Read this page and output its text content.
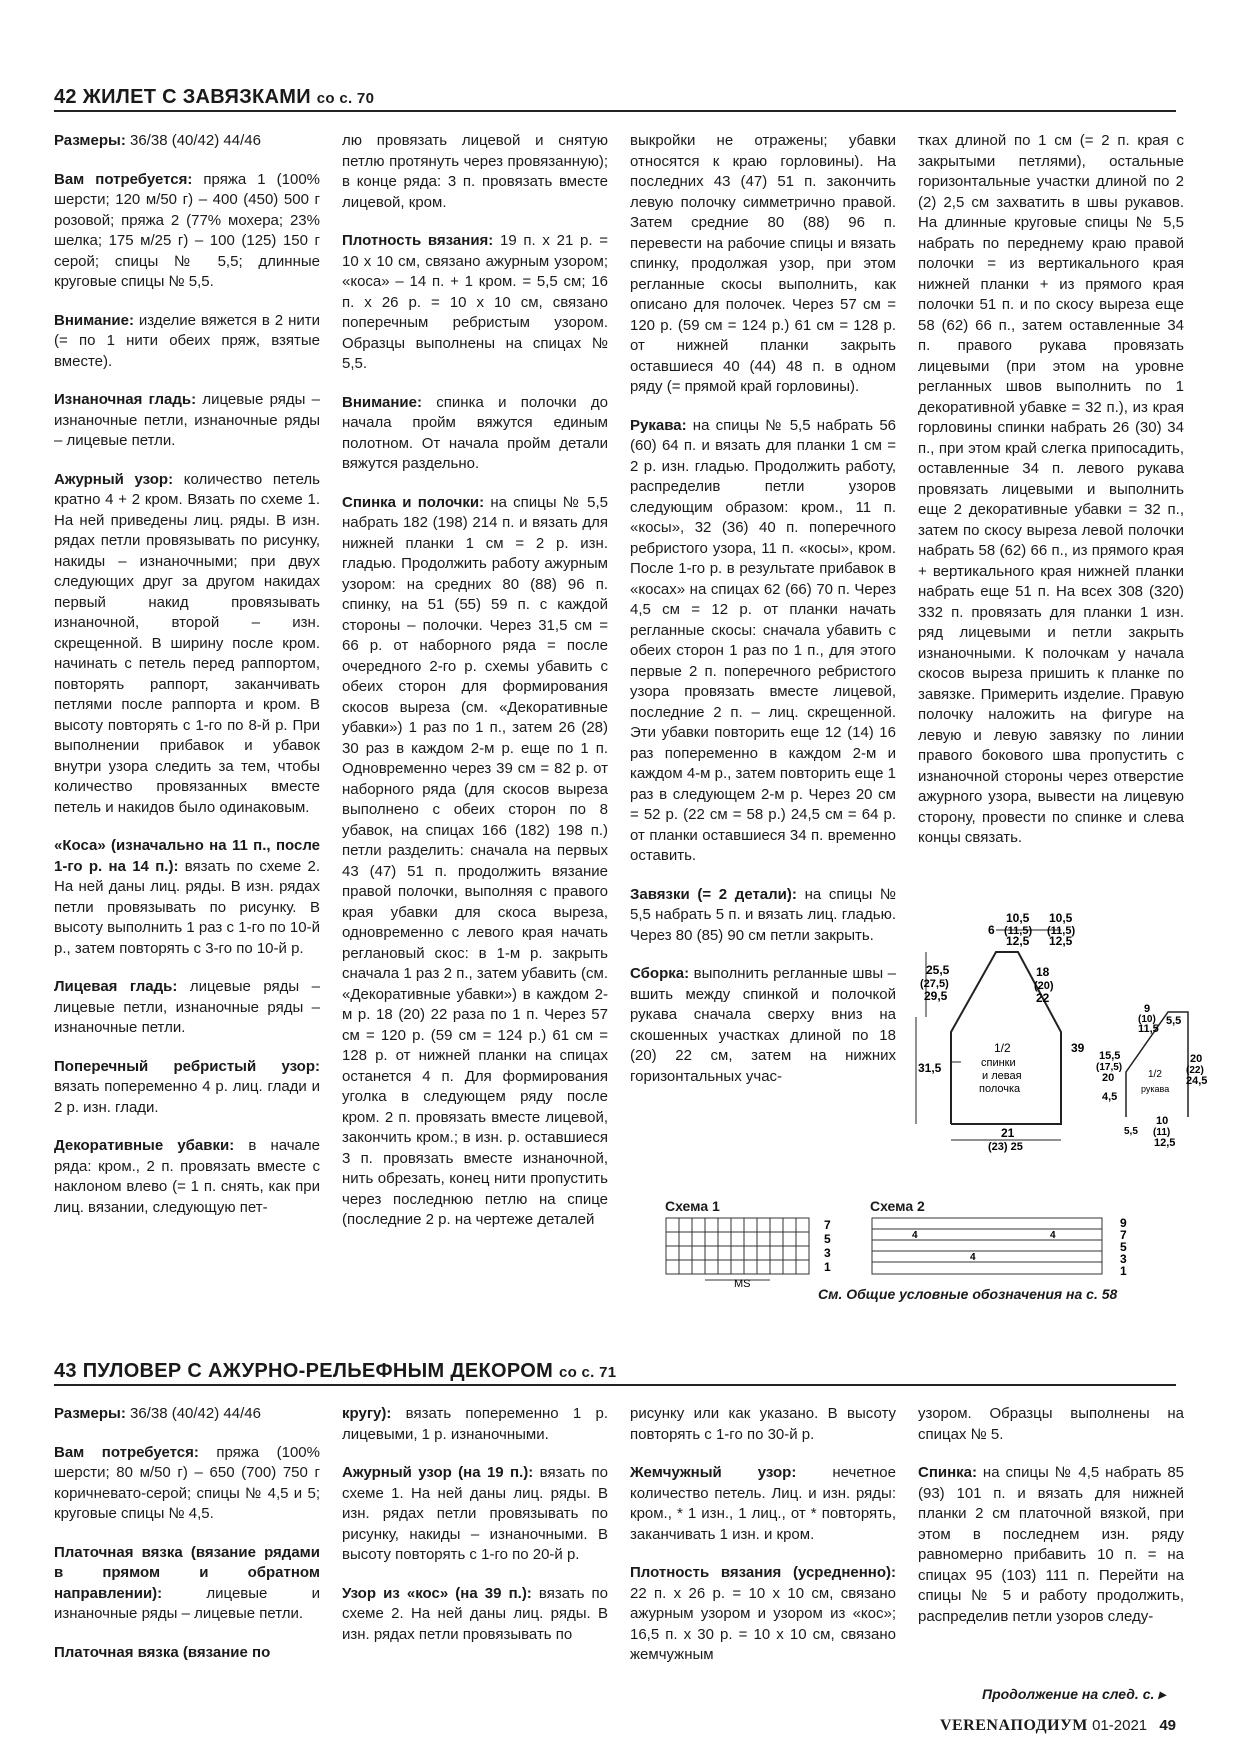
42 ЖИЛЕТ С ЗАВЯЗКАМИ со с. 70

Размеры: 36/38 (40/42) 44/46

Вам потребуется: пряжа 1 (100% шерсти; 120 м/50 г) – 400 (450) 500 г розовой; пряжа 2 (77% мохера; 23% шелка; 175 м/25 г) – 100 (125) 150 г серой; спицы № 5,5; длинные круговые спицы № 5,5.

Внимание: изделие вяжется в 2 нити (= по 1 нити обеих пряж, взятые вместе).

Изнаночная гладь: лицевые ряды – изнаночные петли, изнаночные ряды – лицевые петли.

Ажурный узор: количество петель кратно 4 + 2 кром. Вязать по схеме 1. На ней приведены лиц. ряды. В изн. рядах петли провязывать по рисунку, накиды – изнаночными; при двух следующих друг за другом накидах первый накид провязывать изнаночной, второй – изн. скрещенной. В ширину после кром. начинать с петель перед раппортом, повторять раппорт, заканчивать петлями после раппорта и кром. В высоту повторять с 1-го по 8-й р. При выполнении прибавок и убавок внутри узора следить за тем, чтобы количество провязанных вместе петель и накидов было одинаковым.

«Коса» (изначально на 11 п., после 1-го р. на 14 п.): вязать по схеме 2. На ней даны лиц. ряды. В изн. рядах петли провязывать по рисунку. В высоту выполнить 1 раз с 1-го по 10-й р., затем повторять с 3-го по 10-й р.

Лицевая гладь: лицевые ряды – лицевые петли, изнаночные ряды – изнаночные петли.

Поперечный ребристый узор: вязать попеременно 4 р. лиц. глади и 2 р. изн. глади.

Декоративные убавки: в начале ряда: кром., 2 п. провязать вместе с наклоном влево (= 1 п. снять, как при лиц. вязании, следующую пет-

лю провязать лицевой и снятую петлю протянуть через провязанную); в конце ряда: 3 п. провязать вместе лицевой, кром.

Плотность вязания: 19 п. х 21 р. = 10 х 10 см, связано ажурным узором; «коса» – 14 п. + 1 кром. = 5,5 см; 16 п. х 26 р. = 10 х 10 см, связано поперечным ребристым узором. Образцы выполнены на спицах № 5,5.

Внимание: спинка и полочки до начала пройм вяжутся единым полотном. От начала пройм детали вяжутся раздельно.

Спинка и полочки: на спицы № 5,5 набрать 182 (198) 214 п. и вязать для нижней планки 1 см = 2 р. изн. гладью. Продолжить работу ажурным узором: на средних 80 (88) 96 п. спинку, на 51 (55) 59 п. с каждой стороны – полочки. Через 31,5 см = 66 р. от наборного ряда = после очередного 2-го р. схемы убавить с обеих сторон для формирования скосов выреза (см. «Декоративные убавки») 1 раз по 1 п., затем 26 (28) 30 раз в каждом 2-м р. еще по 1 п. Одновременно через 39 см = 82 р. от наборного ряда (для скосов выреза выполнено с обеих сторон по 8 убавок, на спицах 166 (182) 198 п.) петли разделить: сначала на первых 43 (47) 51 п. продолжить вязание правой полочки, выполняя с правого края убавки для скоса выреза, одновременно с левого края начать реглановый скос: в 1-м р. закрыть сначала 1 раз 2 п., затем убавить (см. «Декоративные убавки») в каждом 2-м р. 18 (20) 22 раза по 1 п. Через 57 см = 120 р. (59 см = 124 р.) 61 см = 128 р. от нижней планки на спицах останется 4 п. Для формирования уголка в следующем ряду после кром. 2 п. провязать вместе лицевой, закончить кром.; в изн. р. оставшиеся 3 п. провязать вместе изнаночной, нить обрезать, конец нити пропустить через последнюю петлю на спице (последние 2 р. на чертеже деталей

выкройки не отражены; убавки относятся к краю горловины). На последних 43 (47) 51 п. закончить левую полочку симметрично правой. Затем средние 80 (88) 96 п. перевести на рабочие спицы и вязать спинку, продолжая узор, при этом регланные скосы выполнить, как описано для полочек. Через 57 см = 120 р. (59 см = 124 р.) 61 см = 128 р. от нижней планки закрыть оставшиеся 40 (44) 48 п. в одном ряду (= прямой край горловины).

Рукава: на спицы № 5,5 набрать 56 (60) 64 п. и вязать для планки 1 см = 2 р. изн. гладью. Продолжить работу, распределив петли узоров следующим образом: кром., 11 п. «косы», 32 (36) 40 п. поперечного ребристого узора, 11 п. «косы», кром. После 1-го р. в результате прибавок в «косах» на спицах 62 (66) 70 п. Через 4,5 см = 12 р. от планки начать регланные скосы: сначала убавить с обеих сторон 1 раз по 1 п., для этого первые 2 п. поперечного ребристого узора провязать вместе лицевой, последние 2 п. – лиц. скрещенной. Эти убавки повторить еще 12 (14) 16 раз попеременно в каждом 2-м и каждом 4-м р., затем повторить еще 1 раз в следующем 2-м р. Через 20 см = 52 р. (22 см = 58 р.) 24,5 см = 64 р. от планки оставшиеся 34 п. временно оставить.

Завязки (= 2 детали): на спицы № 5,5 набрать 5 п. и вязать лиц. гладью. Через 80 (85) 90 см петли закрыть.

Сборка: выполнить регланные швы – вшить между спинкой и полочкой рукава сначала сверху вниз на скошенных участках длиной по 18 (20) 22 см, затем на нижних горизонтальных учас-

тках длиной по 1 см (= 2 п. края с закрытыми петлями), остальные горизонтальные участки длиной по 2 (2) 2,5 см захватить в швы рукавов. На длинные круговые спицы № 5,5 набрать по переднему краю правой полочки = из вертикального края нижней планки + из прямого края полочки 51 п. и по скосу выреза еще 58 (62) 66 п., затем оставленные 34 п. правого рукава провязать лицевыми (при этом на уровне регланных швов выполнить по 1 декоративной убавке = 32 п.), из края горловины спинки набрать 26 (30) 34 п., при этом край слегка припосадить, оставленные 34 п. левого рукава провязать лицевыми и выполнить еще 2 декоративные убавки = 32 п., затем по скосу выреза левой полочки набрать 58 (62) 66 п., из прямого края + вертикального края нижней планки набрать еще 51 п. На всех 308 (320) 332 п. провязать для планки 1 изн. ряд лицевыми и петли закрыть изнаночными. К полочкам у начала скосов выреза пришить к планке по завязке. Примерить изделие. Правую полочку наложить на фигуре на левую и левую завязку по линии правого бокового шва пропустить с изнаночной стороны через отверстие ажурного узора, вывести на лицевую сторону, провести по спинке и слева концы связать.

10,5
(11,5)
12,5
6
10,5
(11,5)
12,5
25,5
(27,5)
29,5
31,5
18
(20)
22
39
1/2
спинки
и левая
полочка
21
(23) 25
9
(10)
11,5
5,5
15,5
(17,5)
20
4,5
1/2
рукава
20
(22)
24,5
5,5
10
(11)
12,5
Схема 1
MS
7
5
3
1
Схема 2
4	4
4
9
7
5
3
1
См. Общие условные обозначения на с. 58
43 ПУЛОВЕР С АЖУРНО-РЕЛЬЕФНЫМ ДЕКОРОМ со с. 71

Размеры: 36/38 (40/42) 44/46

Вам потребуется: пряжа (100% шерсти; 80 м/50 г) – 650 (700) 750 г коричневато-серой; спицы № 4,5 и 5; круговые спицы № 4,5.

Платочная вязка (вязание рядами в прямом и обратном направлении): лицевые и изнаночные ряды – лицевые петли.

Платочная вязка (вязание по

кругу): вязать попеременно 1 р. лицевыми, 1 р. изнаночными.

Ажурный узор (на 19 п.): вязать по схеме 1. На ней даны лиц. ряды. В изн. рядах петли провязывать по рисунку, накиды – изнаночными. В высоту повторять с 1-го по 20-й р.

Узор из «кос» (на 39 п.): вязать по схеме 2. На ней даны лиц. ряды. В изн. рядах петли провязывать по

рисунку или как указано. В высоту повторять с 1-го по 30-й р.

Жемчужный узор: нечетное количество петель. Лиц. и изн. ряды: кром., * 1 изн., 1 лиц., от * повторять, заканчивать 1 изн. и кром.

Плотность вязания (усредненно): 22 п. х 26 р. = 10 х 10 см, связано ажурным узором и узором из «кос»; 16,5 п. х 30 р. = 10 х 10 см, связано жемчужным

узором. Образцы выполнены на спицах № 5.

Спинка: на спицы № 4,5 набрать 85 (93) 101 п. и вязать для нижней планки 2 см платочной вязкой, при этом в последнем изн. ряду равномерно прибавить 10 п. = на спицах 95 (103) 111 п. Перейти на спицы № 5 и работу продолжить, распределив петли узоров следу-

Продолжение на след. с. ▸
VERENAПОДИУМ 01-2021 49
